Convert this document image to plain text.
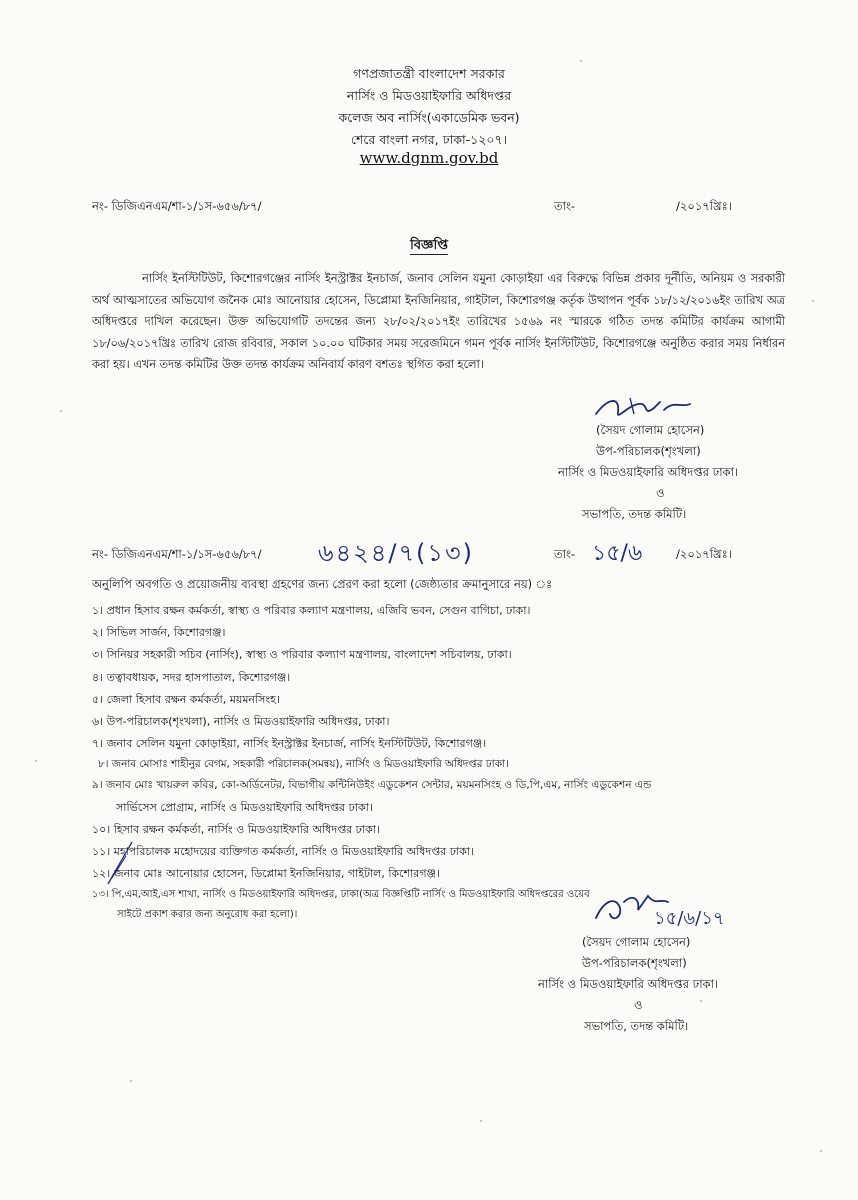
গণপ্রজাতন্ত্রী বাংলাদেশ সরকার
নার্সিং ও মিডওয়াইফারি অধিদপ্তর
কলেজ অব নার্সিং(একাডেমিক ভবন)
শেরে বাংলা নগর, ঢাকা-১২০৭।
www.dgnm.gov.bd
নং- ডিজিএনএম/শা-১/১স-৬৫৬/৮৭/	তাং-	/২০১৭খ্রিঃ।
বিজ্ঞপ্তি
নার্সিং ইনস্টিটিউট, কিশোরগঞ্জের নার্সিং ইনস্ট্রাক্টর ইনচার্জ, জনাব সেলিন যমুনা কোড়াইয়া এর বিরুদ্ধে বিভিন্ন প্রকার দূর্নীতি, অনিয়ম ও সরকারী অর্থ আত্মসাতের অভিযোগ জনৈক মোঃ আনোয়ার হোসেন, ডিপ্লোমা ইনজিনিয়ার, গাইটাল, কিশোরগঞ্জ কর্তৃক উত্থাপন পূর্বক ১৮/১২/২০১৬ইং তারিখ অত্র অধিদপ্তরে দাখিল করেছেন। উক্ত অভিযোগটি তদন্তের জন্য ২৮/০২/২০১৭ইং তারিখের ১৫৬৯ নং স্মারকে গঠিত তদন্ত কমিটির কার্যক্রম আগামী ১৮/০৬/২০১৭খ্রিঃ তারিখ রোজ রবিবার, সকাল ১০.০০ ঘটিকার সময় সরেজমিনে গমন পূর্বক নার্সিং ইনস্টিটিউট, কিশোরগঞ্জে অনুষ্ঠিত করার সময় নির্ধারন করা হয়। এখন তদন্ত কমিটির উক্ত তদন্ত কার্যক্রম অনিবার্য কারণ বশতঃ স্থগিত করা হলো।
(সৈয়দ গোলাম হোসেন)
উপ-পরিচালক(শৃংখলা)
নার্সিং ও মিডওয়াইফারি অধিদপ্তর ঢাকা।
ও
সভাপতি, তদন্ত কমিটি।
নং- ডিজিএনএম/শা-১/১স-৬৫৬/৮৭/ ৬৪২৪/৭(১৩)	তাং- ১৫/৬	/২০১৭খ্রিঃ।
অনুলিপি অবগতি ও প্রয়োজনীয় ব্যবস্থা গ্রহণের জন্য প্রেরণ করা হলো (জেষ্ঠ্যতার ক্রমানুসারে নয়) ঃ
১। প্রধান হিসাব রক্ষন কর্মকর্তা, স্বাস্থ্য ও পরিবার কল্যাণ মন্ত্রণালয়, এজিবি ভবন, সেগুন বাগিচা, ঢাকা।
২। সিভিল সার্জন, কিশোরগঞ্জ।
৩। সিনিয়র সহকারী সচিব (নার্সিং), স্বাস্থ্য ও পরিবার কল্যাণ মন্ত্রণালয়, বাংলাদেশ সচিবালয়, ঢাকা।
৪। তত্বাবধায়ক, সদর হাসপাতাল, কিশোরগঞ্জ।
৫। জেলা হিসাব রক্ষন কর্মকর্তা, ময়মনসিংহ।
৬। উপ-পরিচালক(শৃংখলা), নার্সিং ও মিডওয়াইফারি অধিদপ্তর, ঢাকা।
৭। জনাব সেলিন যমুনা কোড়াইয়া, নার্সিং ইনস্ট্রাক্টর ইনচার্জ, নার্সিং ইনস্টিটিউট, কিশোরগঞ্জ।
৮। জনাব মোসাঃ শাহীনুর বেগম, সহকারী পরিচালক(সমন্বয়), নার্সিং ও মিডওয়াইফারি অধিদপ্তর ঢাকা।
৯। জনাব মোঃ খায়রুল কবির, কো-অর্ডিনেটর, বিভাগীয় কন্টিনিউইং এডুকেশন সেন্টার, ময়মনসিংহ ও ডি,পি,এম, নার্সিং এডুকেশন এন্ড
সার্ভিসেস প্রোগ্রাম, নার্সিং ও মিডওয়াইফারি অধিদপ্তর ঢাকা।
১০। হিসাব রক্ষন কর্মকর্তা, নার্সিং ও মিডওয়াইফারি অধিদপ্তর ঢাকা।
১১। মহাপরিচালক মহোদয়ের ব্যক্তিগত কর্মকর্তা, নার্সিং ও মিডওয়াইফারি অধিদপ্তর ঢাকা।
১২। জনাব মোঃ আনোয়ার হোসেন, ডিপ্লোমা ইনজিনিয়ার, গাইটাল, কিশোরগঞ্জ।
১৩। পি,এম,আই,এস শাখা, নার্সিং ও মিডওয়াইফারি অধিদপ্তর, ঢাকা(অত্র বিজ্ঞপ্তিটি নার্সিং ও মিডওয়াইফারি অধিদপ্তরের ওয়েব
সাইটে প্রকাশ করার জন্য অনুরোধ করা হলো)।	১৫/৬/১৭
(সৈয়দ গোলাম হোসেন)
উপ-পরিচালক(শৃংখলা)
নার্সিং ও মিডওয়াইফারি অধিদপ্তর ঢাকা।
ও
সভাপতি, তদন্ত কমিটি।
